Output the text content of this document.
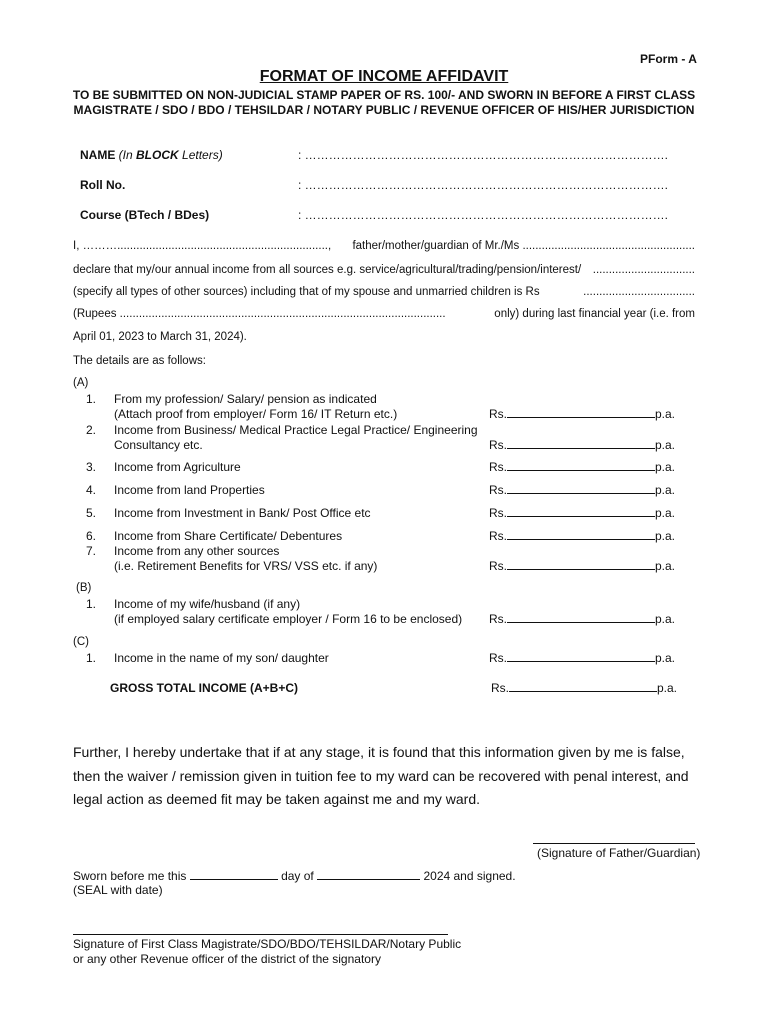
PForm - A
FORMAT OF INCOME AFFIDAVIT
TO BE SUBMITTED ON NON-JUDICIAL STAMP PAPER OF RS. 100/- AND SWORN IN BEFORE A FIRST CLASS
MAGISTRATE / SDO / BDO / TEHSILDAR / NOTARY PUBLIC / REVENUE OFFICER OF HIS/HER JURISDICTION
NAME (In BLOCK Letters)	: ……………………………………………………………………………….
Roll No.	: ……………………………………………………………………………….
Course (BTech / BDes)	: ……………………………………………………………………………….
I, ……….................................................................., father/mother/guardian of Mr./Ms ......................................................
declare that my/our annual income from all sources e.g. service/agricultural/trading/pension/interest/ ................................
(specify all types of other sources) including that of my spouse and unmarried children is Rs	...................................
(Rupees ......................................................................................................	only) during last financial year (i.e. from
April 01, 2023 to March 31, 2024).
The details are as follows:
(A)
1. From my profession/ Salary/ pension as indicated
(Attach proof from employer/ Form 16/ IT Return etc.)	Rs.	p.a.
2. Income from Business/ Medical Practice Legal Practice/ Engineering
Consultancy etc.	Rs.	p.a.
3. Income from Agriculture	Rs.	p.a.
4. Income from land Properties	Rs.	p.a.
5. Income from Investment in Bank/ Post Office etc	Rs.	p.a.
6. Income from Share Certificate/ Debentures	Rs.	p.a.
7. Income from any other sources
(i.e. Retirement Benefits for VRS/ VSS etc. if any)	Rs.	p.a.
(B)
1. Income of my wife/husband (if any)
(if employed salary certificate employer / Form 16 to be enclosed) Rs.	p.a.
(C)
1. Income in the name of my son/ daughter	Rs.	p.a.
GROSS TOTAL INCOME (A+B+C)	Rs.	p.a.
Further, I hereby undertake that if at any stage, it is found that this information given by me is false,
then the waiver / remission given in tuition fee to my ward can be recovered with penal interest, and
legal action as deemed fit may be taken against me and my ward.
(Signature of Father/Guardian)
Sworn before me this	day of	2024 and signed.
(SEAL with date)
Signature of First Class Magistrate/SDO/BDO/TEHSILDAR/Notary Public
or any other Revenue officer of the district of the signatory
